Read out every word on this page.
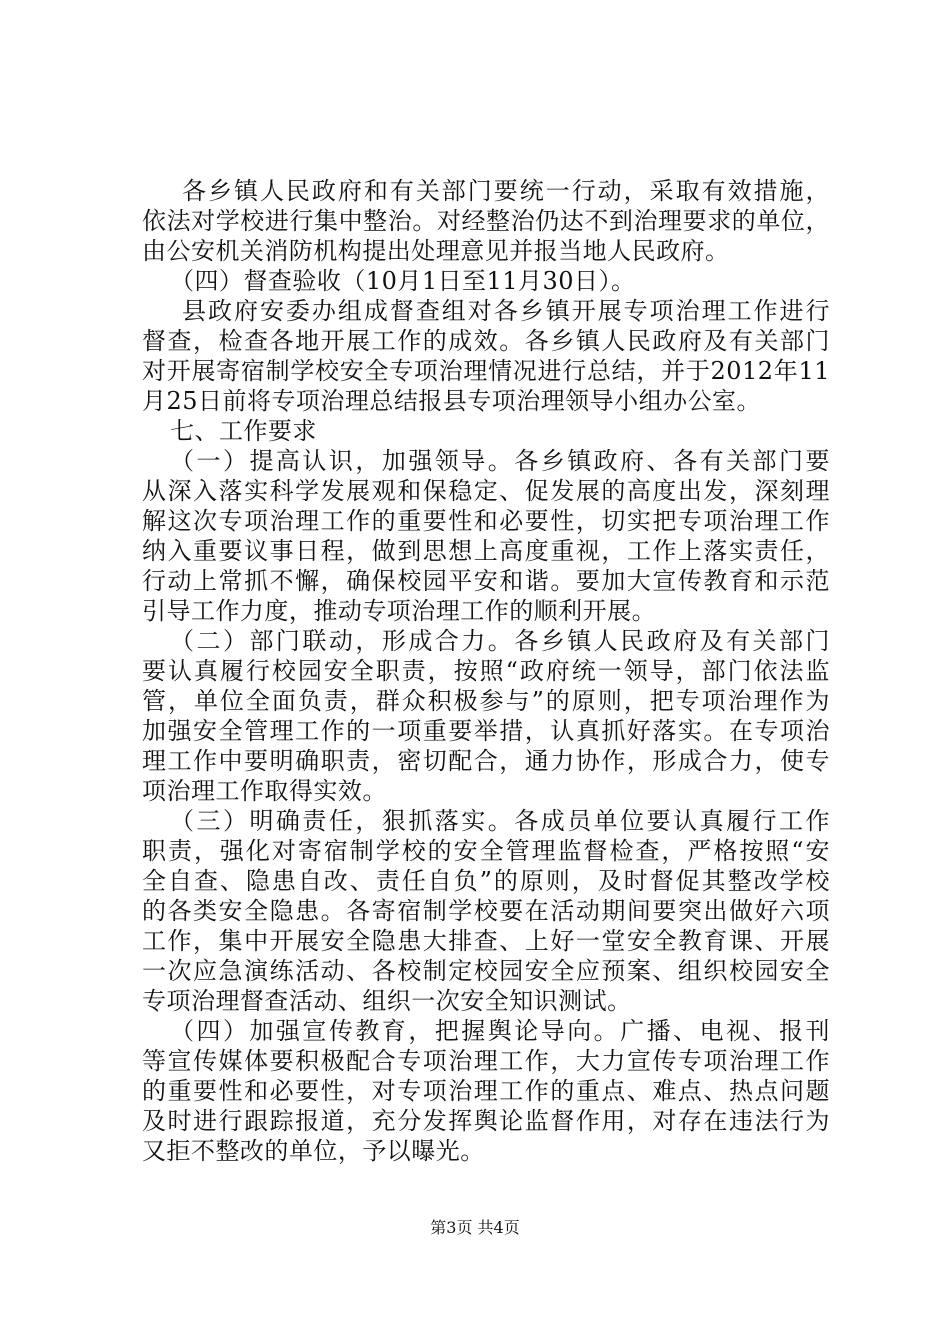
各乡镇人民政府和有关部门要统一行动，采取有效措施，
依法对学校进行集中整治。对经整治仍达不到治理要求的单位，
由公安机关消防机构提出处理意见并报当地人民政府。
（四）督查验收（10月1日至11月30日）。
县政府安委办组成督查组对各乡镇开展专项治理工作进行
督查，检查各地开展工作的成效。各乡镇人民政府及有关部门
对开展寄宿制学校安全专项治理情况进行总结，并于2012年11
月25日前将专项治理总结报县专项治理领导小组办公室。
七、工作要求
（一）提高认识，加强领导。各乡镇政府、各有关部门要
从深入落实科学发展观和保稳定、促发展的高度出发，深刻理
解这次专项治理工作的重要性和必要性，切实把专项治理工作
纳入重要议事日程，做到思想上高度重视，工作上落实责任，
行动上常抓不懈，确保校园平安和谐。要加大宣传教育和示范
引导工作力度，推动专项治理工作的顺利开展。
（二）部门联动，形成合力。各乡镇人民政府及有关部门
要认真履行校园安全职责，按照“政府统一领导，部门依法监
管，单位全面负责，群众积极参与”的原则，把专项治理作为
加强安全管理工作的一项重要举措，认真抓好落实。在专项治
理工作中要明确职责，密切配合，通力协作，形成合力，使专
项治理工作取得实效。
（三）明确责任，狠抓落实。各成员单位要认真履行工作
职责，强化对寄宿制学校的安全管理监督检查，严格按照“安
全自查、隐患自改、责任自负”的原则，及时督促其整改学校
的各类安全隐患。各寄宿制学校要在活动期间要突出做好六项
工作，集中开展安全隐患大排查、上好一堂安全教育课、开展
一次应急演练活动、各校制定校园安全应预案、组织校园安全
专项治理督查活动、组织一次安全知识测试。
（四）加强宣传教育，把握舆论导向。广播、电视、报刊
等宣传媒体要积极配合专项治理工作，大力宣传专项治理工作
的重要性和必要性，对专项治理工作的重点、难点、热点问题
及时进行跟踪报道，充分发挥舆论监督作用，对存在违法行为
又拒不整改的单位，予以曝光。
第3页 共4页
